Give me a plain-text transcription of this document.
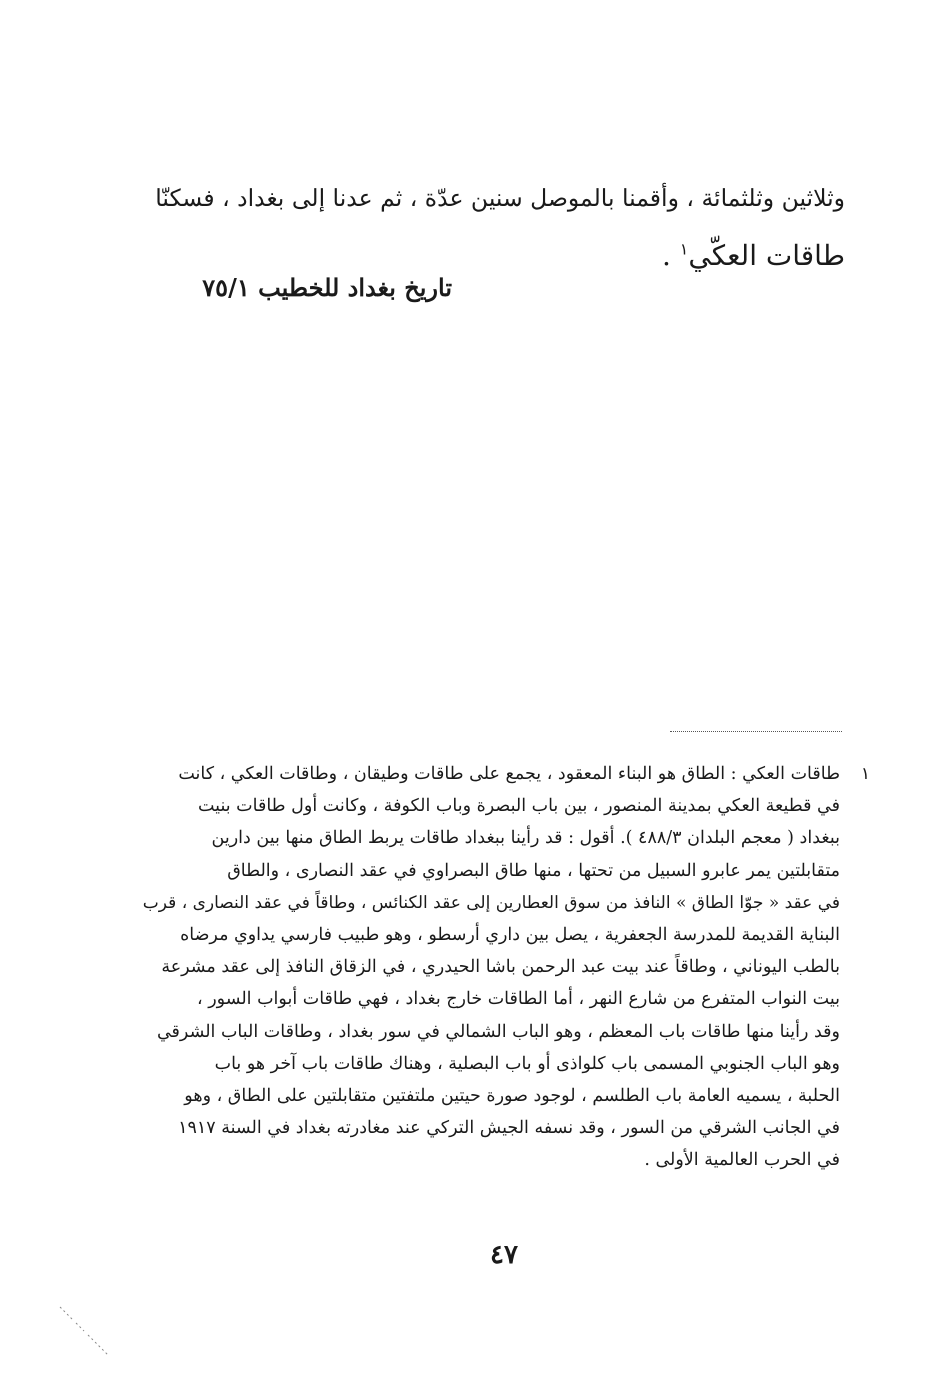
وثلاثين وثلثمائة ، وأقمنا بالموصل سنين عدّة ، ثم عدنا إلى بغداد ، فسكنّا
طاقات العكّي$^١$ .
تاريخ بغداد للخطيب ٧٥/١
١
طاقات العكي : الطاق هو البناء المعقود ، يجمع على طاقات وطيقان ، وطاقات العكي ، كانت
في قطيعة العكي بمدينة المنصور ، بين باب البصرة وباب الكوفة ، وكانت أول طاقات بنيت
ببغداد ( معجم البلدان ٤٨٨/٣ ). أقول : قد رأينا ببغداد طاقات يربط الطاق منها بين دارين
متقابلتين يمر عابرو السبيل من تحتها ، منها طاق البصراوي في عقد النصارى ، والطاق
في عقد « جوّا الطاق » النافذ من سوق العطارين إلى عقد الكنائس ، وطاقاً في عقد النصارى ، قرب
البناية القديمة للمدرسة الجعفرية ، يصل بين داري أرسطو ، وهو طبيب فارسي يداوي مرضاه
بالطب اليوناني ، وطاقاً عند بيت عبد الرحمن باشا الحيدري ، في الزقاق النافذ إلى عقد مشرعة
بيت النواب المتفرع من شارع النهر ، أما الطاقات خارج بغداد ، فهي طاقات أبواب السور ،
وقد رأينا منها طاقات باب المعظم ، وهو الباب الشمالي في سور بغداد ، وطاقات الباب الشرقي
وهو الباب الجنوبي المسمى باب كلواذى أو باب البصلية ، وهناك طاقات باب آخر هو باب
الحلبة ، يسميه العامة باب الطلسم ، لوجود صورة حيتين ملتفتين متقابلتين على الطاق ، وهو
في الجانب الشرقي من السور ، وقد نسفه الجيش التركي عند مغادرته بغداد في السنة ١٩١٧
في الحرب العالمية الأولى .
٤٧
